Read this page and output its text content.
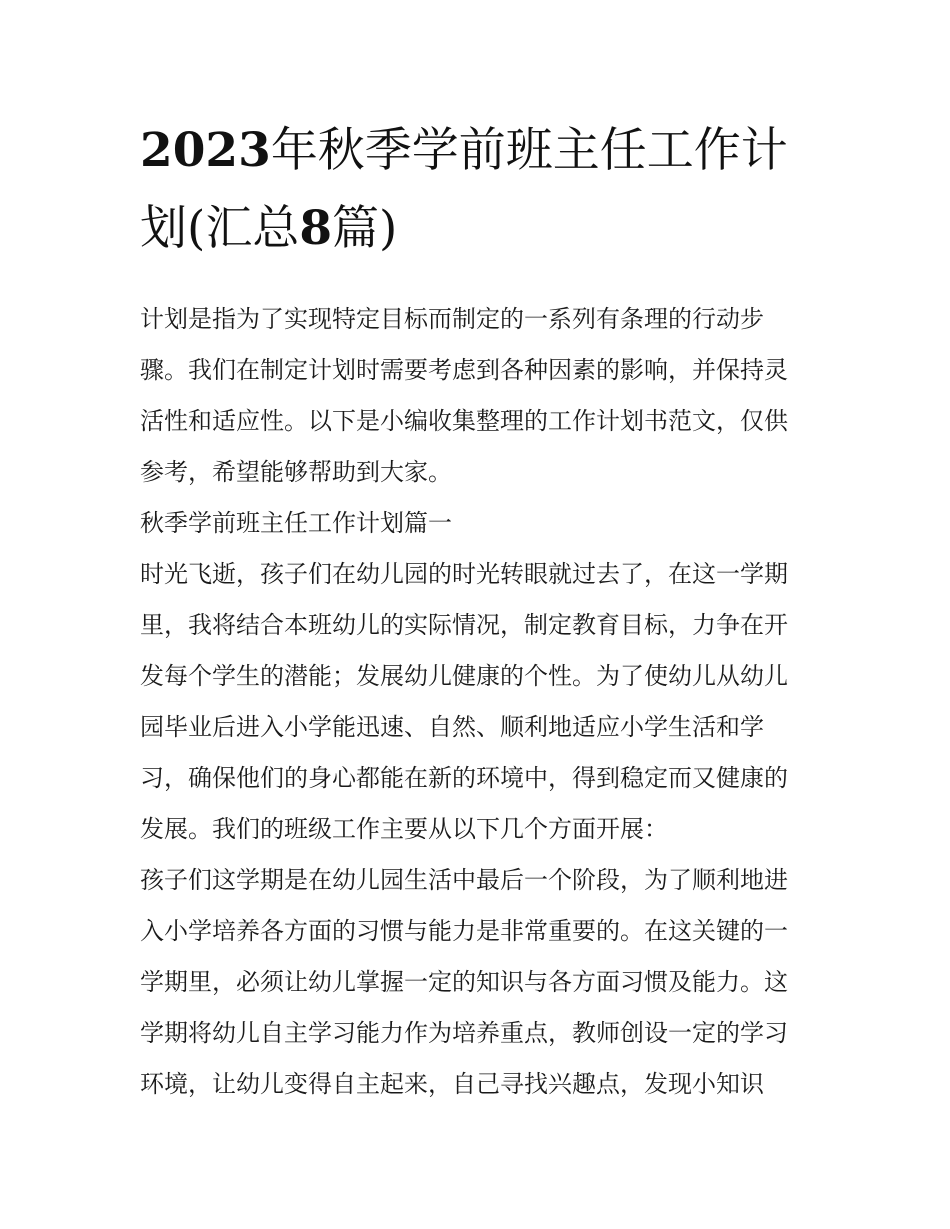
2023年秋季学前班主任工作计
划(汇总8篇)
计划是指为了实现特定目标而制定的一系列有条理的行动步
骤。我们在制定计划时需要考虑到各种因素的影响，并保持灵
活性和适应性。以下是小编收集整理的工作计划书范文，仅供
参考，希望能够帮助到大家。
秋季学前班主任工作计划篇一
时光飞逝，孩子们在幼儿园的时光转眼就过去了，在这一学期
里，我将结合本班幼儿的实际情况，制定教育目标，力争在开
发每个学生的潜能；发展幼儿健康的个性。为了使幼儿从幼儿
园毕业后进入小学能迅速、自然、顺利地适应小学生活和学
习，确保他们的身心都能在新的环境中，得到稳定而又健康的
发展。我们的班级工作主要从以下几个方面开展：
孩子们这学期是在幼儿园生活中最后一个阶段，为了顺利地进
入小学培养各方面的习惯与能力是非常重要的。在这关键的一
学期里，必须让幼儿掌握一定的知识与各方面习惯及能力。这
学期将幼儿自主学习能力作为培养重点，教师创设一定的学习
环境，让幼儿变得自主起来，自己寻找兴趣点，发现小知识
